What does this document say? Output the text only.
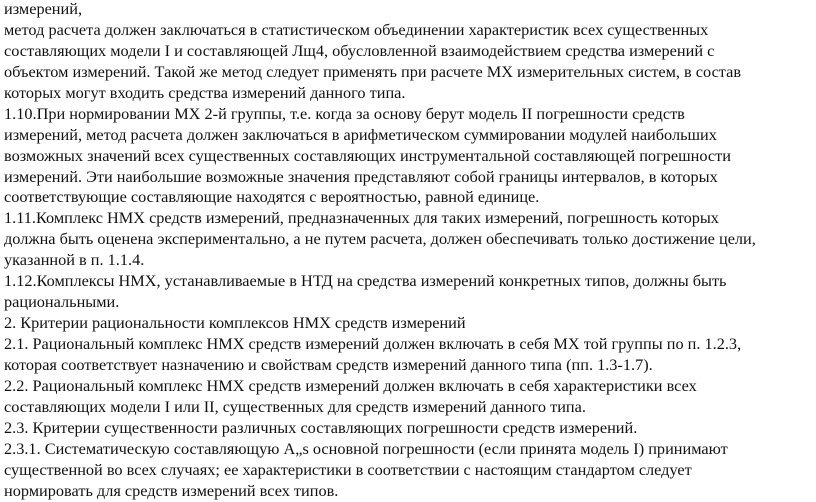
измерений,
метод расчета должен заключаться в статистическом объединении характеристик всех существенных
составляющих модели I и составляющей Лщ4, обусловленной взаимодействием средства измерений с
объектом измерений. Такой же метод следует применять при расчете МХ измерительных систем, в состав
которых могут входить средства измерений данного типа.
1.10.При нормировании МХ 2-й группы, т.е. когда за основу берут модель II погрешности средств
измерений, метод расчета должен заключаться в арифметическом суммировании модулей наибольших
возможных значений всех существенных составляющих инструментальной составляющей погрешности
измерений. Эти наибольшие возможные значения представляют собой границы интервалов, в которых
соответствующие составляющие находятся с вероятностью, равной единице.
1.11.Комплекс НМХ средств измерений, предназначенных для таких измерений, погрешность которых
должна быть оценена экспериментально, а не путем расчета, должен обеспечивать только достижение цели,
указанной в п. 1.1.4.
1.12.Комплексы НМХ, устанавливаемые в НТД на средства измерений конкретных типов, должны быть
рациональными.
2. Критерии рациональности комплексов НМХ средств измерений
2.1. Рациональный комплекс НМХ средств измерений должен включать в себя МХ той группы по п. 1.2.3,
которая соответствует назначению и свойствам средств измерений данного типа (пп. 1.3-1.7).
2.2. Рациональный комплекс НМХ средств измерений должен включать в себя характеристики всех
составляющих модели I или II, существенных для средств измерений данного типа.
2.3. Критерии существенности различных составляющих погрешности средств измерений.
2.3.1. Систематическую составляющую А„s основной погрешности (если принята модель I) принимают
существенной во всех случаях; ее характеристики в соответствии с настоящим стандартом следует
нормировать для средств измерений всех типов.
